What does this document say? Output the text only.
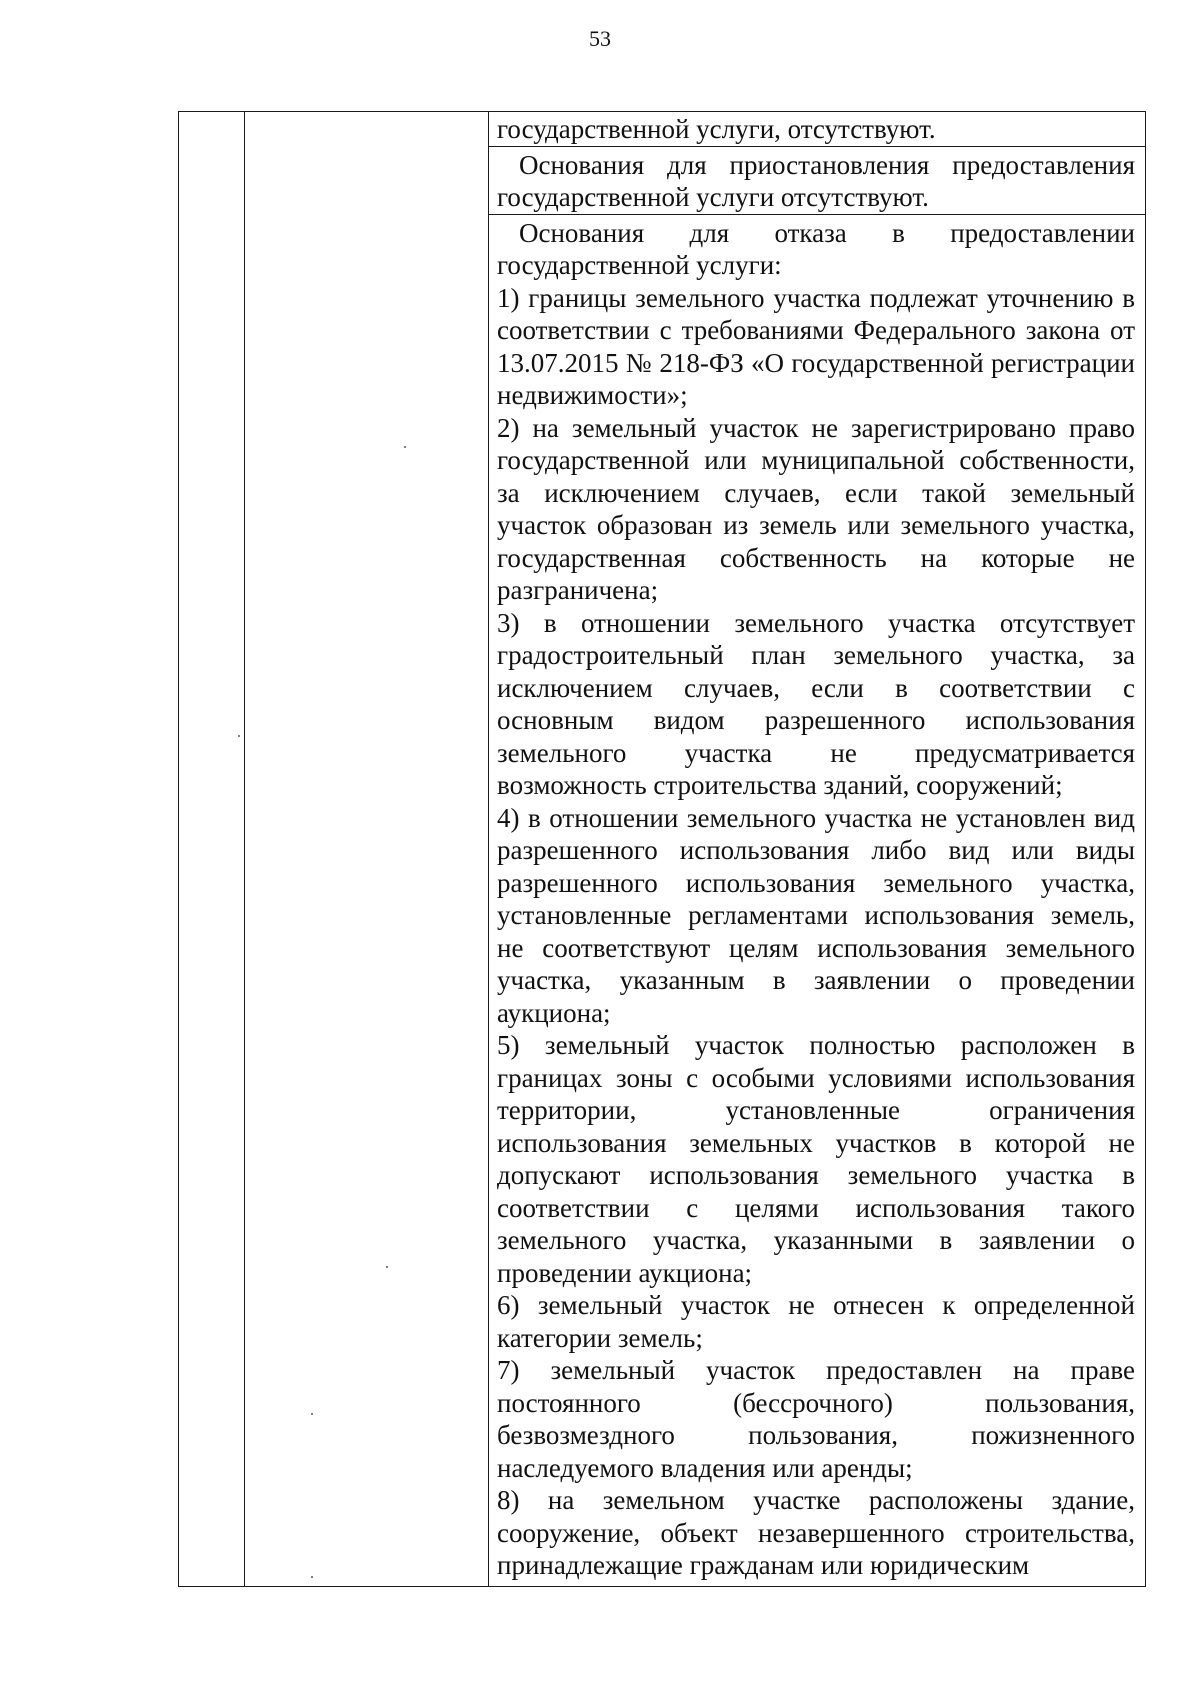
53

государственной услуги, отсутствуют.

Основания для приостановления предоставления государственной услуги отсутствуют.

Основания для отказа в предоставлении государственной услуги:

1) границы земельного участка подлежат уточнению в соответствии с требованиями Федерального закона от 13.07.2015 № 218-ФЗ «О государственной регистрации недвижимости»;

2) на земельный участок не зарегистрировано право государственной или муниципальной собственности, за исключением случаев, если такой земельный участок образован из земель или земельного участка, государственная собственность на которые не разграничена;

3) в отношении земельного участка отсутствует градостроительный план земельного участка, за исключением случаев, если в соответствии с основным видом разрешенного использования земельного участка не предусматривается возможность строительства зданий, сооружений;

4) в отношении земельного участка не установлен вид разрешенного использования либо вид или виды разрешенного использования земельного участка, установленные регламентами использования земель, не соответствуют целям использования земельного участка, указанным в заявлении о проведении аукциона;

5) земельный участок полностью расположен в границах зоны с особыми условиями использования территории, установленные ограничения использования земельных участков в которой не допускают использования земельного участка в соответствии с целями использования такого земельного участка, указанными в заявлении о проведении аукциона;

6) земельный участок не отнесен к определенной категории земель;

7) земельный участок предоставлен на праве постоянного (бессрочного) пользования, безвозмездного пользования, пожизненного наследуемого владения или аренды;

8) на земельном участке расположены здание, сооружение, объект незавершенного строительства, принадлежащие гражданам или юридическим
